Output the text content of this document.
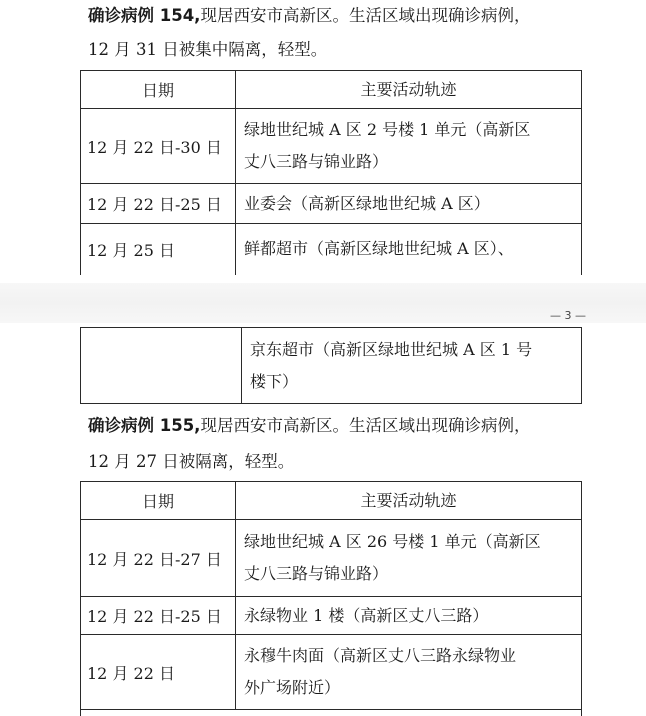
确诊病例 154,现居西安市高新区。生活区域出现确诊病例，
12 月 31 日被集中隔离，轻型。
日期	主要活动轨迹
12 月 22 日-30 日	绿地世纪城 A 区 2 号楼 1 单元（高新区
丈八三路与锦业路）

12 月 22 日-25 日	业委会（高新区绿地世纪城 A 区）
12 月 25 日	鲜都超市（高新区绿地世纪城 A 区）、
— 3 —

京东超市（高新区绿地世纪城 A 区 1 号
楼下）
确诊病例 155,现居西安市高新区。生活区域出现确诊病例，
12 月 27 日被隔离，轻型。
日期	主要活动轨迹
12 月 22 日-27 日	绿地世纪城 A 区 26 号楼 1 单元（高新区
丈八三路与锦业路）

12 月 22 日-25 日	永绿物业 1 楼（高新区丈八三路）
12 月 22 日	永穆牛肉面（高新区丈八三路永绿物业
外广场附近）
